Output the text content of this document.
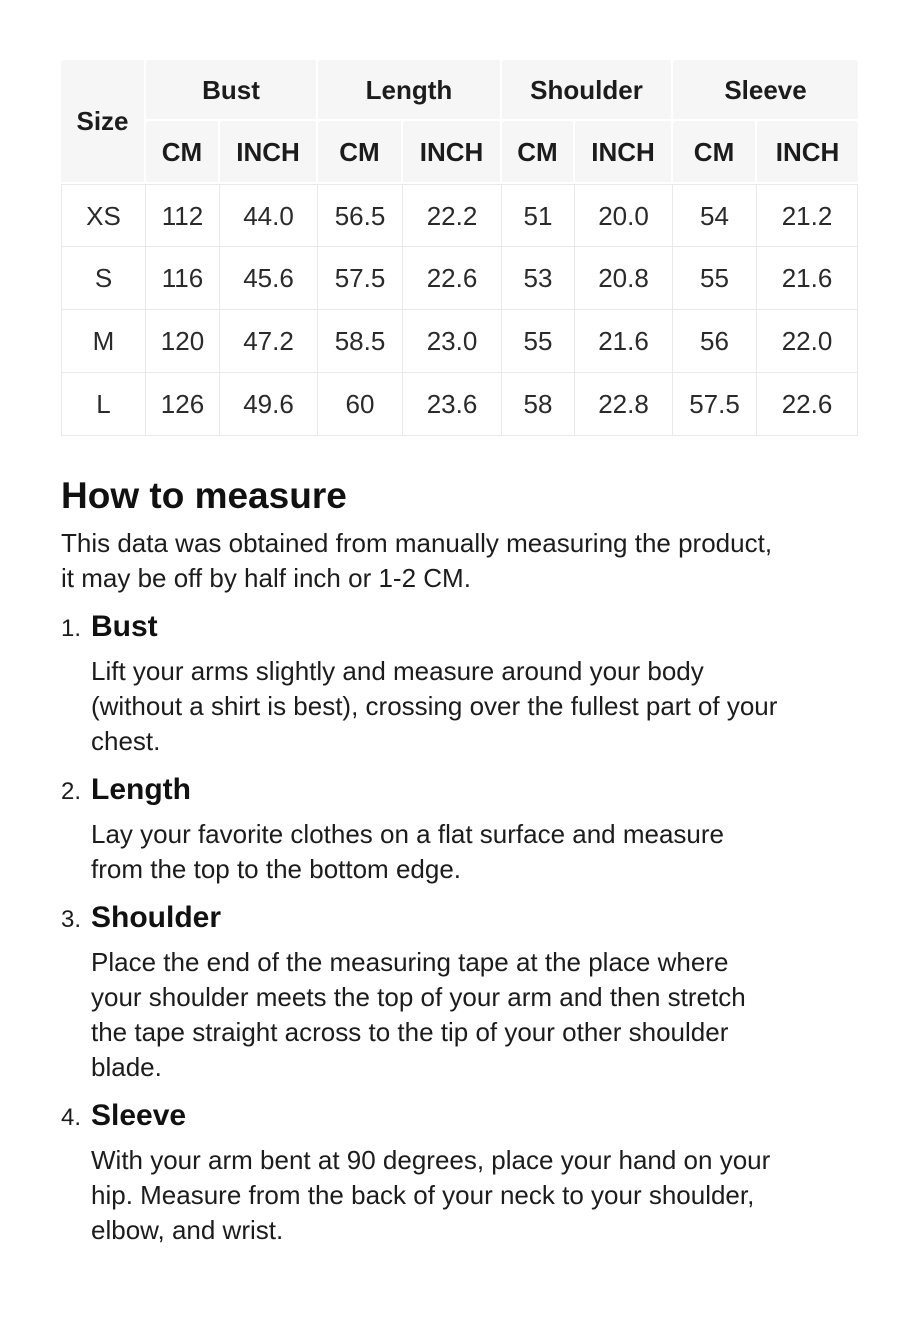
Size	Bust		Length		Shoulder		Sleeve	
	CM	INCH	CM	INCH	CM	INCH	CM	INCH
XS	112	44.0	56.5	22.2	51	20.0	54	21.2
S	116	45.6	57.5	22.6	53	20.8	55	21.6
M	120	47.2	58.5	23.0	55	21.6	56	22.0
L	126	49.6	60	23.6	58	22.8	57.5	22.6
How to measure

This data was obtained from manually measuring the product,
it may be off by half inch or 1-2 CM.

1. Bust

Lift your arms slightly and measure around your body
(without a shirt is best), crossing over the fullest part of your
chest.

2. Length

Lay your favorite clothes on a flat surface and measure
from the top to the bottom edge.

3. Shoulder

Place the end of the measuring tape at the place where
your shoulder meets the top of your arm and then stretch
the tape straight across to the tip of your other shoulder
blade.

4. Sleeve

With your arm bent at 90 degrees, place your hand on your
hip. Measure from the back of your neck to your shoulder,
elbow, and wrist.
